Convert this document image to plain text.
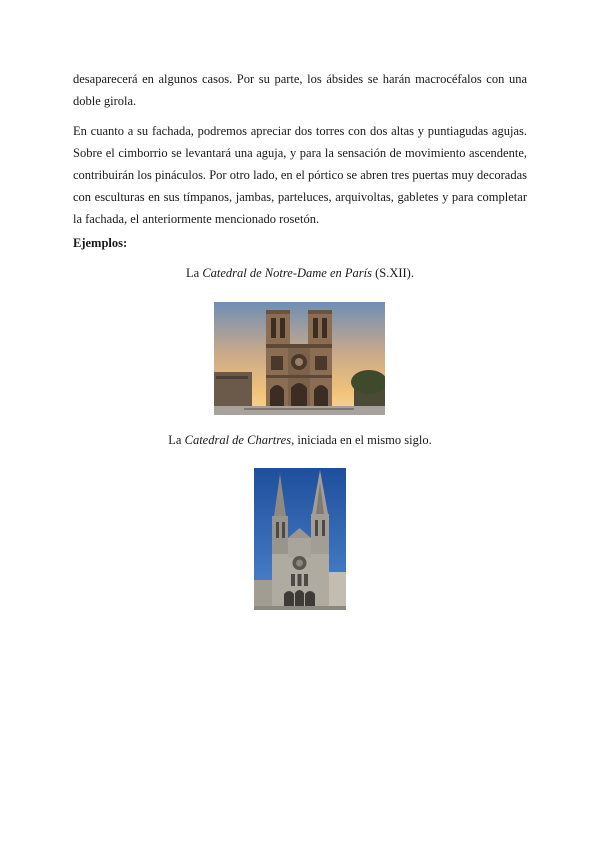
desaparecerá en algunos casos. Por su parte, los ábsides se harán macrocéfalos con una doble girola.
En cuanto a su fachada, podremos apreciar dos torres con dos altas y puntiagudas agujas. Sobre el cimborrio se levantará una aguja, y para la sensación de movimiento ascendente, contribuirán los pináculos. Por otro lado, en el pórtico se abren tres puertas muy decoradas con esculturas en sus tímpanos, jambas, parteluces, arquivoltas, gabletes y para completar la fachada, el anteriormente mencionado rosetón.
Ejemplos:
La Catedral de Notre-Dame en París (S.XII).
La Catedral de Chartres, iniciada en el mismo siglo.
